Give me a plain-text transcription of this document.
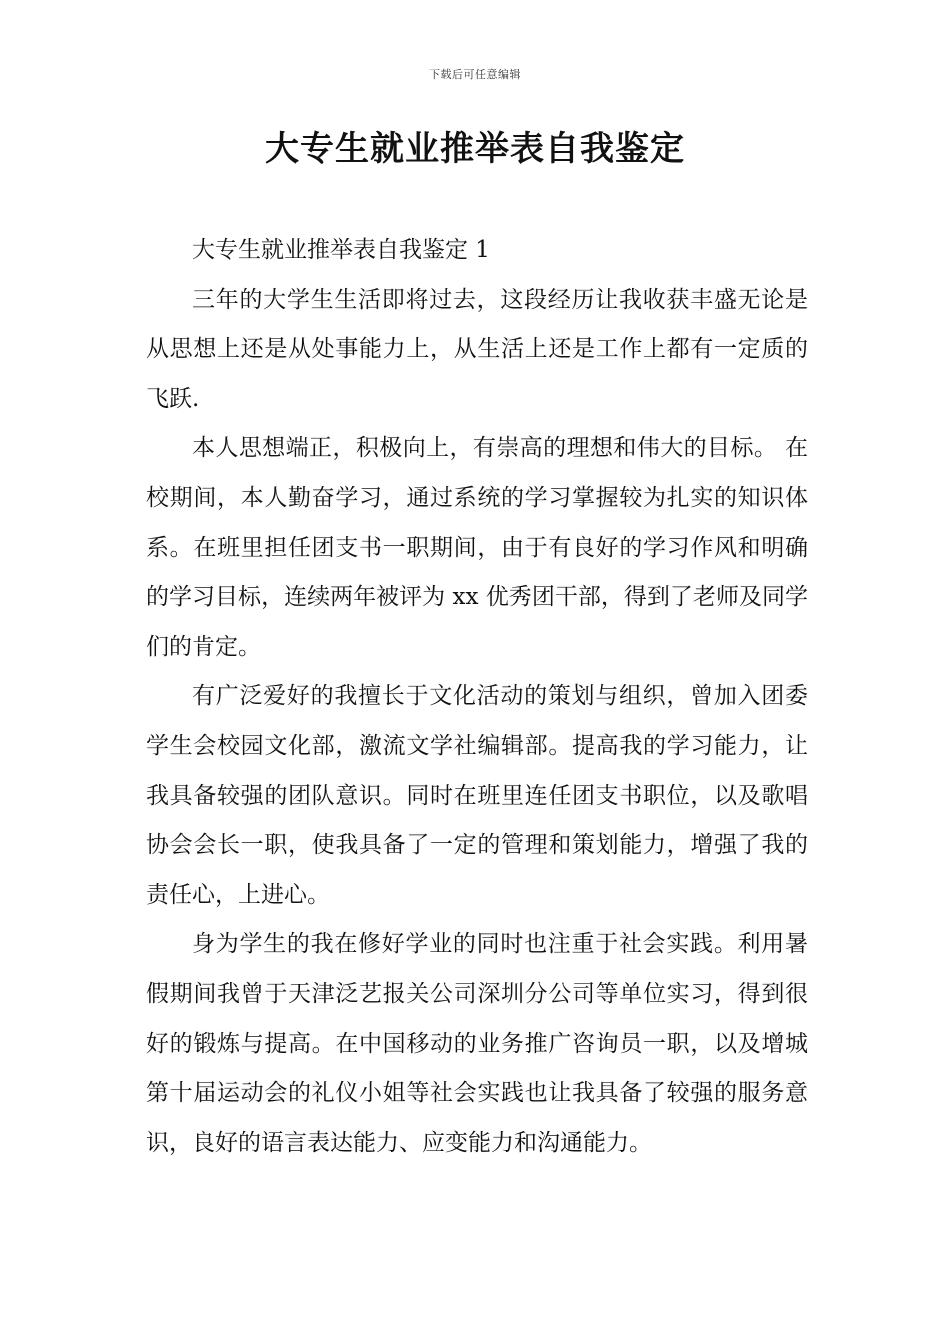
下载后可任意编辑
大专生就业推举表自我鉴定

大专生就业推举表自我鉴定 1

三年的大学生生活即将过去，这段经历让我收获丰盛无论是从思想上还是从处事能力上，从生活上还是工作上都有一定质的飞跃.

本人思想端正，积极向上，有崇高的理想和伟大的目标。 在校期间，本人勤奋学习，通过系统的学习掌握较为扎实的知识体系。在班里担任团支书一职期间，由于有良好的学习作风和明确的学习目标，连续两年被评为 xx 优秀团干部，得到了老师及同学们的肯定。

有广泛爱好的我擅长于文化活动的策划与组织，曾加入团委学生会校园文化部，激流文学社编辑部。提高我的学习能力，让我具备较强的团队意识。同时在班里连任团支书职位，以及歌唱协会会长一职，使我具备了一定的管理和策划能力，增强了我的责任心，上进心。

身为学生的我在修好学业的同时也注重于社会实践。利用暑假期间我曾于天津泛艺报关公司深圳分公司等单位实习，得到很好的锻炼与提高。在中国移动的业务推广咨询员一职，以及增城第十届运动会的礼仪小姐等社会实践也让我具备了较强的服务意识，良好的语言表达能力、应变能力和沟通能力。
